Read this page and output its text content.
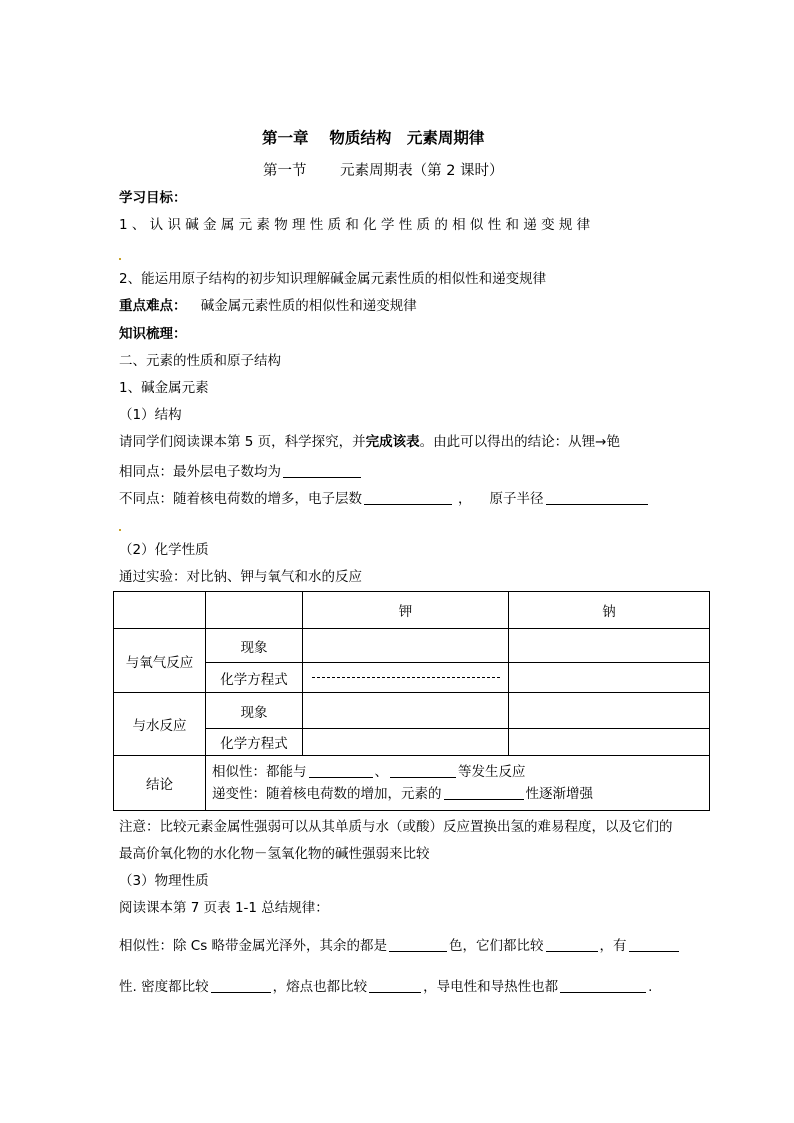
第一章　 物质结构　元素周期律
第一节　　 元素周期表（第 2 课时）
学习目标：
1 、 认 识 碱 金 属 元 素 物 理 性 质 和 化 学 性 质 的 相 似 性 和 递 变 规 律
2、能运用原子结构的初步知识理解碱金属元素性质的相似性和递变规律
重点难点： 碱金属元素性质的相似性和递变规律
知识梳理：
二、元素的性质和原子结构
1、碱金属元素
（1）结构
请同学们阅读课本第 5 页，科学探究，并完成该表。由此可以得出的结论：从锂→铯
相同点：最外层电子数均为
不同点：随着核电荷数的增多，电子层数	， 原子半径
（2）化学性质
通过实验：对比钠、钾与氧气和水的反应
		钾	钠
与氧气反应	现象		
	化学方程式		
与水反应	现象		
	化学方程式		
结论	相似性：都能与 、 等发生反应
递变性：随着核电荷数的增加，元素的 性逐渐增强		
注意：比较元素金属性强弱可以从其单质与水（或酸）反应置换出氢的难易程度，以及它们的
最高价氧化物的水化物－氢氧化物的碱性强弱来比较
（3）物理性质
阅读课本第 7 页表 1-1 总结规律：
相似性：除 Cs 略带金属光泽外，其余的都是	色，它们都比较	，有
性. 密度都比较	，熔点也都比较	，导电性和导热性也都	.
